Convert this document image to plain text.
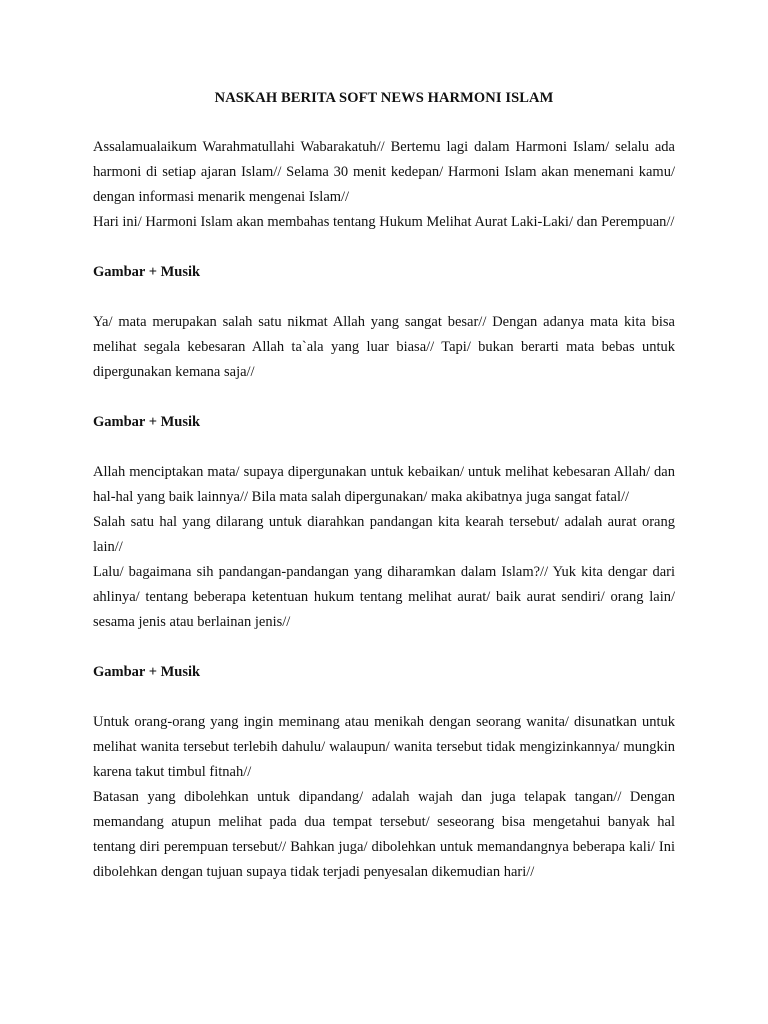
NASKAH BERITA SOFT NEWS HARMONI ISLAM

Assalamualaikum Warahmatullahi Wabarakatuh// Bertemu lagi dalam Harmoni Islam/ selalu ada harmoni di setiap ajaran Islam// Selama 30 menit kedepan/ Harmoni Islam akan menemani kamu/ dengan informasi menarik mengenai Islam//

Hari ini/ Harmoni Islam akan membahas tentang Hukum Melihat Aurat Laki-Laki/ dan Perempuan//

Gambar + Musik

Ya/ mata merupakan salah satu nikmat Allah yang sangat besar// Dengan adanya mata kita bisa melihat segala kebesaran Allah ta`ala yang luar biasa// Tapi/ bukan berarti mata bebas untuk dipergunakan kemana saja//

Gambar + Musik

Allah menciptakan mata/ supaya dipergunakan untuk kebaikan/ untuk melihat kebesaran Allah/ dan hal-hal yang baik lainnya// Bila mata salah dipergunakan/ maka akibatnya juga sangat fatal//

Salah satu hal yang dilarang untuk diarahkan pandangan kita kearah tersebut/ adalah aurat orang lain//

Lalu/ bagaimana sih pandangan-pandangan yang diharamkan dalam Islam?// Yuk kita dengar dari ahlinya/ tentang beberapa ketentuan hukum tentang melihat aurat/ baik aurat sendiri/ orang lain/ sesama jenis atau berlainan jenis//

Gambar + Musik

Untuk orang-orang yang ingin meminang atau menikah dengan seorang wanita/ disunatkan untuk melihat wanita tersebut terlebih dahulu/ walaupun/ wanita tersebut tidak mengizinkannya/ mungkin karena takut timbul fitnah//

Batasan yang dibolehkan untuk dipandang/ adalah wajah dan juga telapak tangan// Dengan memandang atupun melihat pada dua tempat tersebut/ seseorang bisa mengetahui banyak hal tentang diri perempuan tersebut// Bahkan juga/ dibolehkan untuk memandangnya beberapa kali/ Ini dibolehkan dengan tujuan supaya tidak terjadi penyesalan dikemudian hari//
